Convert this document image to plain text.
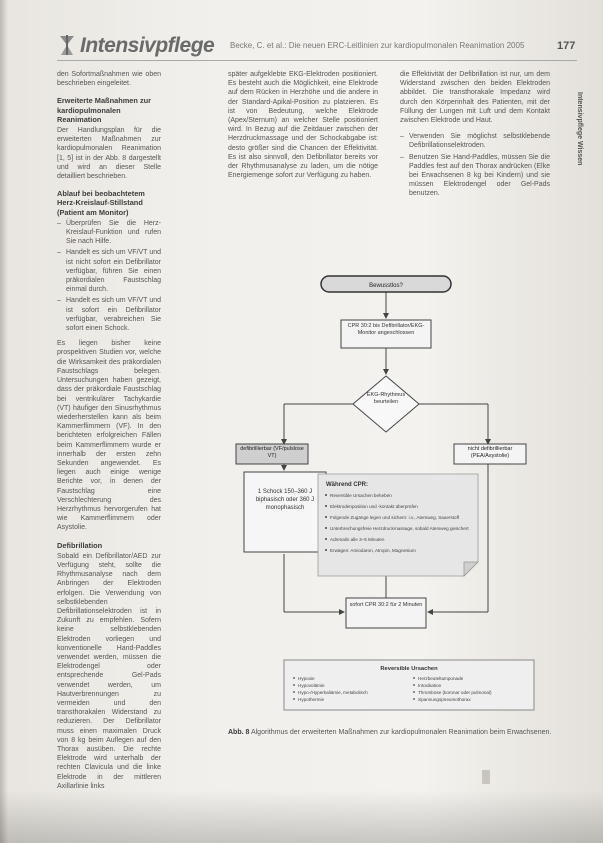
Intensivpflege Becke, C. et al.: Die neuen ERC-Leitlinien zur kardiopulmonalen Reanimation 2005	177
Intensivpflege Wissen

den Sofortmaßnahmen wie oben beschrieben eingeleitet.

Erweiterte Maßnahmen zur kardiopulmonalen Reanimation

Der Handlungsplan für die erweiterten Maßnahmen zur kardiopulmonalen Reanimation [1, 5] ist in der Abb. 8 dargestellt und wird an dieser Stelle detailliert beschrieben.

Ablauf bei beobachtetem Herz-Kreislauf-Stillstand (Patient am Monitor)
– Überprüfen Sie die Herz-Kreislauf-Funktion und rufen Sie nach Hilfe.
– Handelt es sich um VF/VT und ist nicht sofort ein Defibrillator verfügbar, führen Sie einen präkordialen Faustschlag einmal durch.
– Handelt es sich um VF/VT und ist sofort ein Defibrillator verfügbar, verabreichen Sie sofort einen Schock.

Es liegen bisher keine prospektiven Studien vor, welche die Wirksamkeit des präkordialen Faustschlags belegen. Untersuchungen haben gezeigt, dass der präkordiale Faustschlag bei ventrikulärer Tachykardie (VT) häufiger den Sinusrhythmus wiederherstellen kann als beim Kammerflimmern (VF). In den berichteten erfolgreichen Fällen beim Kammerflimmern wurde er innerhalb der ersten zehn Sekunden angewendet. Es liegen auch einige wenige Berichte vor, in denen der Faustschlag eine Verschlechterung des Herzrhythmus hervorgerufen hat wie Kammerflimmern oder Asystolie.

Defibrillation

Sobald ein Defibrillator/AED zur Verfügung steht, sollte die Rhythmusanalyse nach dem Anbringen der Elektroden erfolgen. Die Verwendung von selbstklebenden Defibrillationselektroden ist in Zukunft zu empfehlen. Sofern keine selbstklebenden Elektroden vorliegen und konventionelle Hand-Paddles verwendet werden, müssen die Elektrodengel oder entsprechende Gel-Pads verwendet werden, um Hautverbrennungen zu vermeiden und den transthorakalen Widerstand zu reduzieren. Der Defibrillator muss einen maximalen Druck von 8 kg beim Auflegen auf den Thorax ausüben. Die rechte Elektrode wird unterhalb der rechten Clavicula und die linke Elektrode in der mittleren Axillarlinie links

später aufgeklebte EKG-Elektroden positioniert. Es besteht auch die Möglichkeit, eine Elektrode auf dem Rücken in Herzhöhe und die andere in der Standard-Apikal-Position zu platzieren. Es ist von Bedeutung, welche Elektrode (Apex/Sternum) an welcher Stelle positioniert wird. In Bezug auf die Zeitdauer zwischen der Herzdruckmassage und der Schockabgabe ist: desto größer sind die Chancen der Effektivität. Es ist also sinnvoll, den Defibrillator bereits vor der Rhythmusanalyse zu laden, um die nötige Energiemenge sofort zur Verfügung zu haben.

die Effektivität der Defibrillation ist nur, um dem Widerstand zwischen den beiden Elektroden abbildet. Die transthorakale Impedanz wird durch den Körperinhalt des Patienten, mit der Füllung der Lungen mit Luft und dem Kontakt zwischen Elektrode und Haut.

– Verwenden Sie möglichst selbstklebende Defibrillationselektroden.
– Benutzen Sie Hand-Paddles, müssen Sie die Paddles fest auf den Thorax andrücken (Elke bei Erwachsenen 8 kg bei Kindern) und sie müssen Elektrodengel oder Gel-Pads benutzen.
Bewusstlos?
CPR 30:2 bis Defibrillator/EKG-Monitor angeschlossen
EKG-Rhythmus beurteilen
defibrillierbar (VF/pulslose VT)
nicht defibrillierbar (PEA/Asystolie)
1 Schock 150–360 J biphasisch oder 360 J monophasisch
Während CPR:
Reversible Ursachen beheben
Elektrodenposition und -kontakt überprüfen
Folgende Zugänge legen und sichern: i.v., Atemweg, Sauerstoff
Unterbrechungsfreie Herzdruckmassage, sobald Atemweg gesichert
Adrenalin alle 3–5 Minuten
Erwägen: Amiodaron, Atropin, Magnesium
sofort CPR 30:2 für 2 Minuten
Reversible Ursachen
Hypoxie
Hypovolämie
Hypo-/Hyperkaliämie, metabolisch
Hypothermie
Herzbeuteltamponade
Intoxikation
Thrombose (koronar oder pulmonal)
Spannungspneumothorax
Abb. 8 Algorithmus der erweiterten Maßnahmen zur kardiopulmonalen Reanimation beim Erwachsenen.
